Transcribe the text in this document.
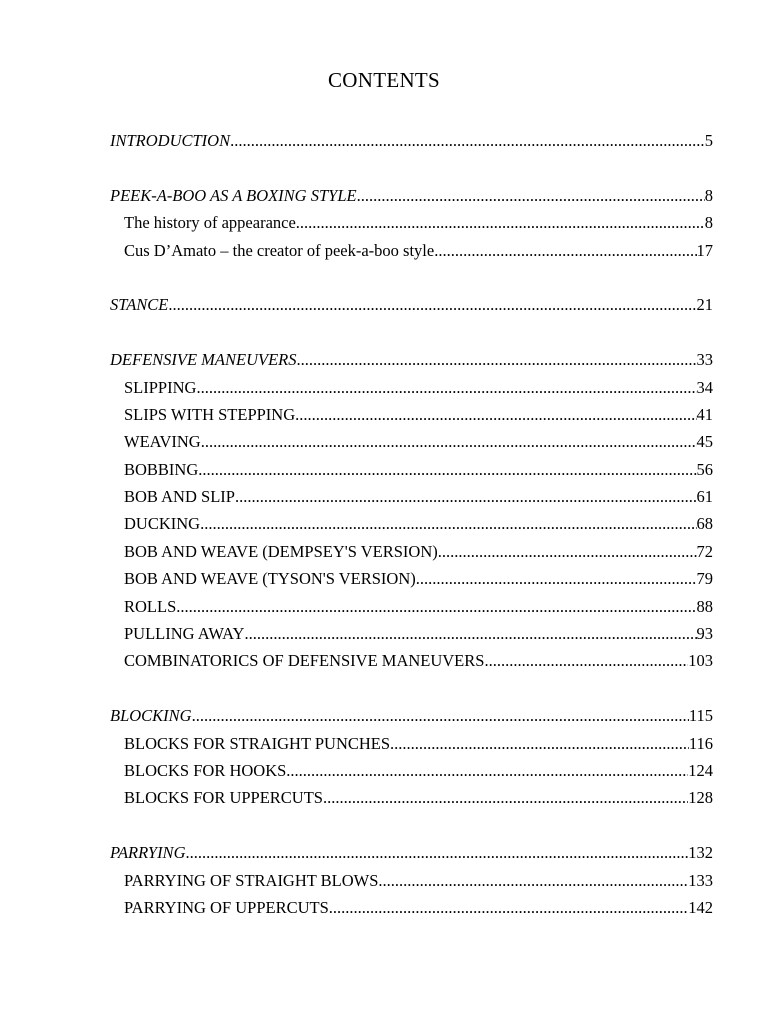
CONTENTS
INTRODUCTION .....	5
PEEK-A-BOO AS A BOXING STYLE .....	8
The history of appearance .....	8
Cus D’Amato – the creator of peek-a-boo style .....	17
STANCE .....	21
DEFENSIVE MANEUVERS .....	33
SLIPPING .....	34
SLIPS WITH STEPPING .....	41
WEAVING .....	45
BOBBING .....	56
BOB AND SLIP .....	61
DUCKING .....	68
BOB AND WEAVE (DEMPSEY'S VERSION) .....	72
BOB AND WEAVE (TYSON'S VERSION) .....	79
ROLLS .....	88
PULLING AWAY .....	93
COMBINATORICS OF DEFENSIVE MANEUVERS .....	103
BLOCKING .....	115
BLOCKS FOR STRAIGHT PUNCHES .....	116
BLOCKS FOR HOOKS .....	124
BLOCKS FOR UPPERCUTS .....	128
PARRYING .....	132
PARRYING OF STRAIGHT BLOWS .....	133
PARRYING OF UPPERCUTS .....	142
